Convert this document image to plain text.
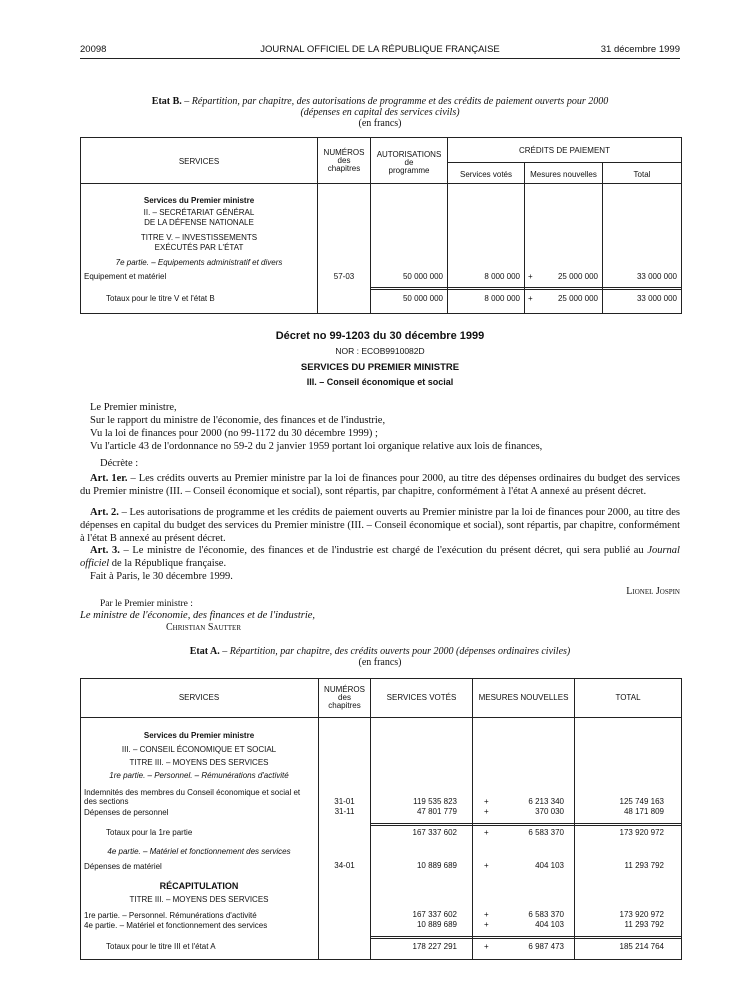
20098	JOURNAL OFFICIEL DE LA RÉPUBLIQUE FRANÇAISE	31 décembre 1999
Etat B. – Répartition, par chapitre, des autorisations de programme et des crédits de paiement ouverts pour 2000
(dépenses en capital des services civils)
(en francs)
SERVICES
NUMÉROS
des
chapitres
AUTORISATIONS
de
programme
CRÉDITS DE PAIEMENT
Services votés	Mesures nouvelles	Total
Services du Premier ministre
II. – SECRÉTARIAT GÉNÉRAL
DE LA DÉFENSE NATIONALE
TITRE V. – INVESTISSEMENTS
EXÉCUTÉS PAR L'ÉTAT
7e partie. – Equipements administratif et divers
Equipement et matériel	57-03	50 000 000	8 000 000 +	25 000 000	33 000 000
Totaux pour le titre V et l'état B	50 000 000	8 000 000 +	25 000 000	33 000 000
Décret no 99-1203 du 30 décembre 1999
NOR : ECOB9910082D
SERVICES DU PREMIER MINISTRE
III. – Conseil économique et social
Le Premier ministre,
Sur le rapport du ministre de l'économie, des finances et de l'industrie,
Vu la loi de finances pour 2000 (no 99-1172 du 30 décembre 1999) ;
Vu l'article 43 de l'ordonnance no 59-2 du 2 janvier 1959 portant loi organique relative aux lois de finances,
Décrète :
Art. 1er. – Les crédits ouverts au Premier ministre par la loi de finances pour 2000, au titre des dépenses ordinaires du budget des services du Premier ministre (III. – Conseil économique et social), sont répartis, par chapitre, conformément à l'état A annexé au présent décret.
Art. 2. – Les autorisations de programme et les crédits de paiement ouverts au Premier ministre par la loi de finances pour 2000, au titre des dépenses en capital du budget des services du Premier ministre (III. – Conseil économique et social), sont répartis, par chapitre, conformément à l'état B annexé au présent décret.
Art. 3. – Le ministre de l'économie, des finances et de l'industrie est chargé de l'exécution du présent décret, qui sera publié au Journal officiel de la République française.
Fait à Paris, le 30 décembre 1999.
Lionel Jospin
Par le Premier ministre :
Le ministre de l'économie, des finances et de l'industrie,
Christian Sautter
Etat A. – Répartition, par chapitre, des crédits ouverts pour 2000 (dépenses ordinaires civiles)
(en francs)
SERVICES
NUMÉROS
des
chapitres
SERVICES VOTÉS	MESURES NOUVELLES	TOTAL
Services du Premier ministre
III. – CONSEIL ÉCONOMIQUE ET SOCIAL
TITRE III. – MOYENS DES SERVICES
1re partie. – Personnel. – Rémunérations d'activité
Indemnités des membres du Conseil économique et social et
des sections	31-01	119 535 823	+	6 213 340	125 749 163
Dépenses de personnel	31-11	47 801 779	+	370 030	48 171 809
Totaux pour la 1re partie	167 337 602	+	6 583 370	173 920 972
4e partie. – Matériel et fonctionnement des services
Dépenses de matériel	34-01	10 889 689	+	404 103	11 293 792
RÉCAPITULATION
TITRE III. – MOYENS DES SERVICES
1re partie. – Personnel. Rémunérations d'activité	167 337 602	+	6 583 370	173 920 972
4e partie. – Matériel et fonctionnement des services	10 889 689	+	404 103	11 293 792
Totaux pour le titre III et l'état A	178 227 291	+	6 987 473	185 214 764
